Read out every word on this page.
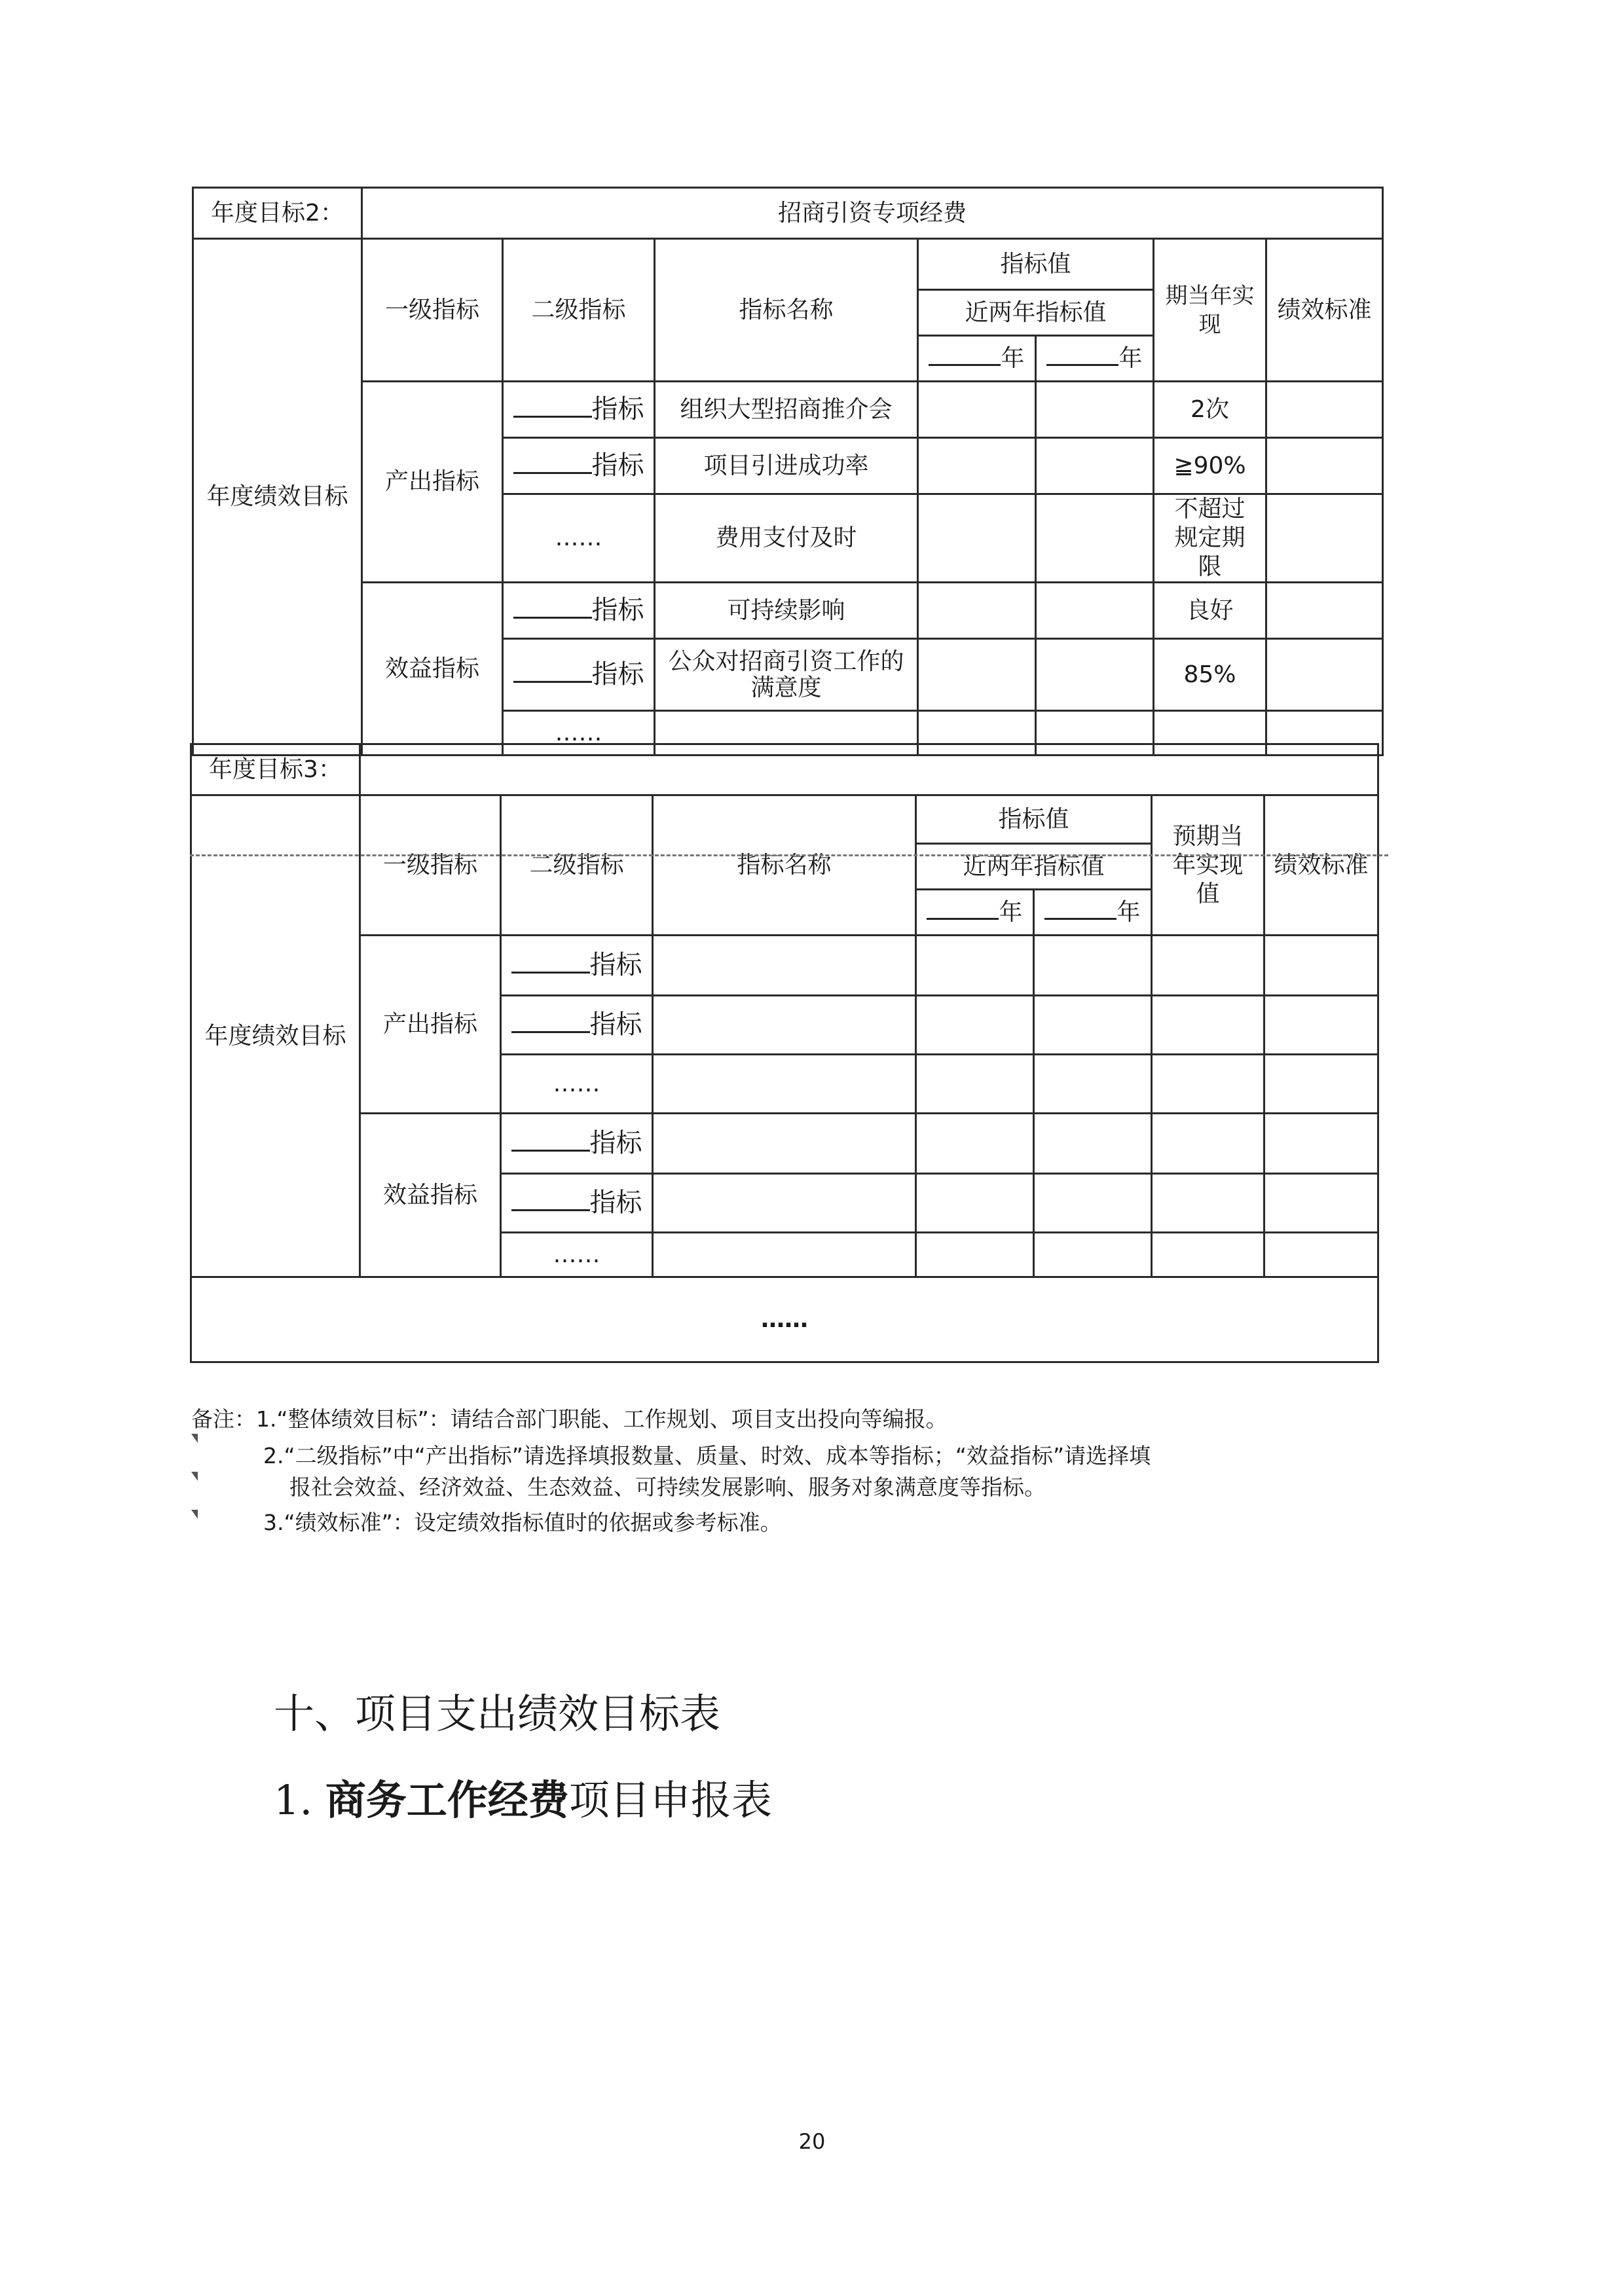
年度目标2：	招商引资专项经费						
年度绩效目标	一级指标	二级指标	指标名称	指标值		期当年实现	绩效标准
				近两年指标值			
				年	年		
	产出指标	指标	组织大型招商推介会			2次	
		指标	项目引进成功率			≧90%	
		……	费用支付及时			不超过规定期限	
	效益指标	指标	可持续影响			良好	
		指标	公众对招商引资工作的满意度			85%	
		……					
年度目标3：							
年度绩效目标	一级指标	二级指标	指标名称	指标值		预期当年实现值	绩效标准
				近两年指标值			
				年	年		
	产出指标	指标					
		指标					
		……					
	效益指标	指标					
		指标					
		……					
……							
备注：1.“整体绩效目标”：请结合部门职能、工作规划、项目支出投向等编报。
2.“二级指标”中“产出指标”请选择填报数量、质量、时效、成本等指标；“效益指标”请选择填
报社会效益、经济效益、生态效益、可持续发展影响、服务对象满意度等指标。
3.“绩效标准”：设定绩效指标值时的依据或参考标准。
十、项目支出绩效目标表
1. 商务工作经费项目申报表
20
